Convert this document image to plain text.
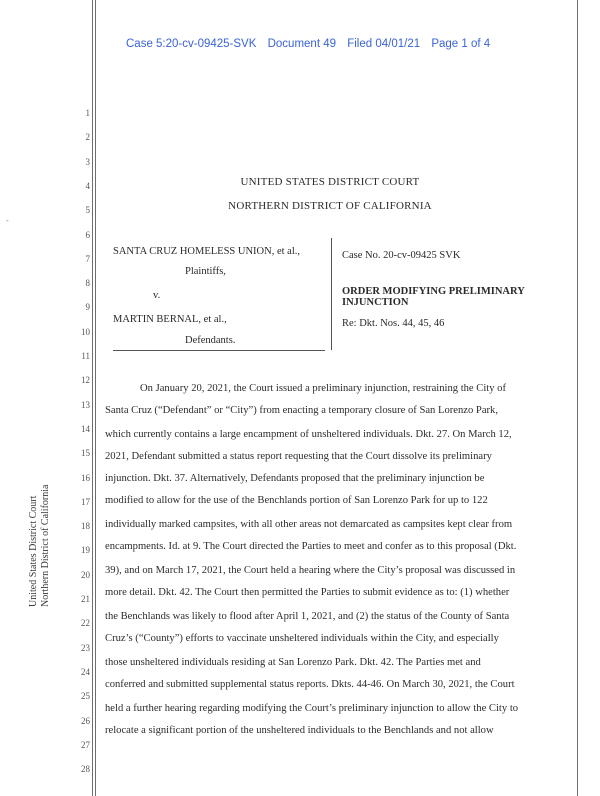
Case 5:20-cv-09425-SVK Document 49 Filed 04/01/21 Page 1 of 4
-
United States District Court Northern District of California
1
2
3
4
5
6
7
8
9
10
11
12
13
14
15
16
17
18
19
20
21
22
23
24
25
26
27
28
UNITED STATES DISTRICT COURT
NORTHERN DISTRICT OF CALIFORNIA
SANTA CRUZ HOMELESS UNION, et al.,
Plaintiffs,
v.
MARTIN BERNAL, et al.,
Defendants.
Case No. 20-cv-09425 SVK
ORDER MODIFYING PRELIMINARY
INJUNCTION
Re: Dkt. Nos. 44, 45, 46
On January 20, 2021, the Court issued a preliminary injunction, restraining the City of
Santa Cruz (“Defendant” or “City”) from enacting a temporary closure of San Lorenzo Park,
which currently contains a large encampment of unsheltered individuals. Dkt. 27. On March 12,
2021, Defendant submitted a status report requesting that the Court dissolve its preliminary
injunction. Dkt. 37. Alternatively, Defendants proposed that the preliminary injunction be
modified to allow for the use of the Benchlands portion of San Lorenzo Park for up to 122
individually marked campsites, with all other areas not demarcated as campsites kept clear from
encampments. Id. at 9. The Court directed the Parties to meet and confer as to this proposal (Dkt.
39), and on March 17, 2021, the Court held a hearing where the City’s proposal was discussed in
more detail. Dkt. 42. The Court then permitted the Parties to submit evidence as to: (1) whether
the Benchlands was likely to flood after April 1, 2021, and (2) the status of the County of Santa
Cruz’s (“County”) efforts to vaccinate unsheltered individuals within the City, and especially
those unsheltered individuals residing at San Lorenzo Park. Dkt. 42. The Parties met and
conferred and submitted supplemental status reports. Dkts. 44-46. On March 30, 2021, the Court
held a further hearing regarding modifying the Court’s preliminary injunction to allow the City to
relocate a significant portion of the unsheltered individuals to the Benchlands and not allow
